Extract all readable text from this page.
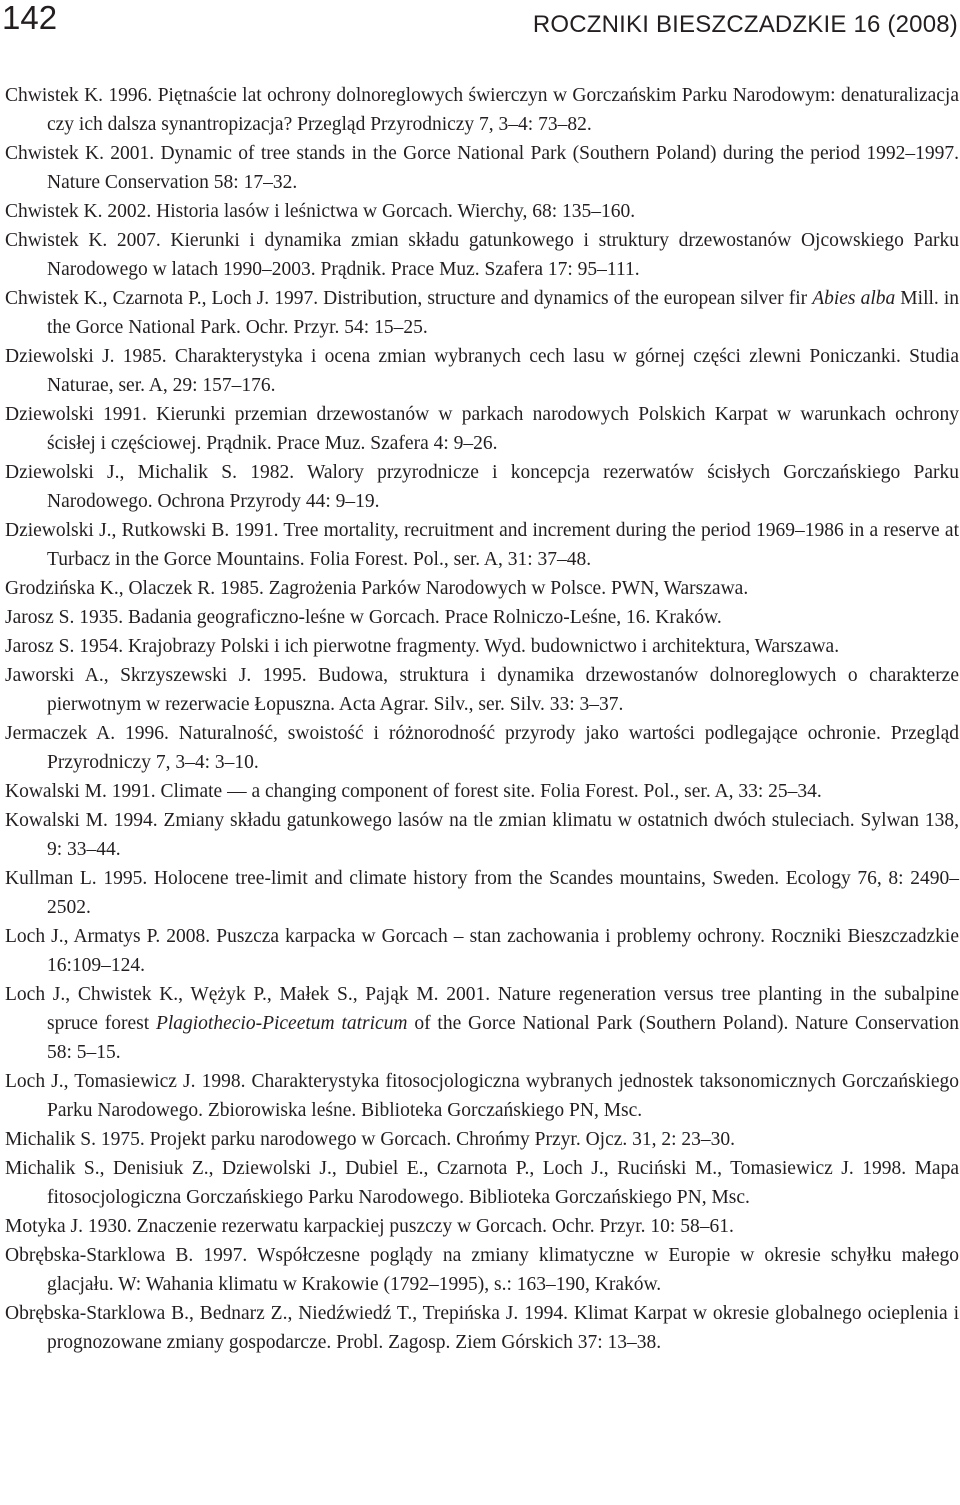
142	ROCZNIKI BIESZCZADZKIE 16 (2008)

Chwistek K. 1996. Piętnaście lat ochrony dolnoreglowych świerczyn w Gorczańskim Parku Narodowym: denaturalizacja czy ich dalsza synantropizacja? Przegląd Przyrodniczy 7, 3–4: 73–82.

Chwistek K. 2001. Dynamic of tree stands in the Gorce National Park (Southern Poland) during the period 1992–1997. Nature Conservation 58: 17–32.

Chwistek K. 2002. Historia lasów i leśnictwa w Gorcach. Wierchy, 68: 135–160.

Chwistek K. 2007. Kierunki i dynamika zmian składu gatunkowego i struktury drzewostanów Ojcowskiego Parku Narodowego w latach 1990–2003. Prądnik. Prace Muz. Szafera 17: 95–111.

Chwistek K., Czarnota P., Loch J. 1997. Distribution, structure and dynamics of the european silver fir Abies alba Mill. in the Gorce National Park. Ochr. Przyr. 54: 15–25.

Dziewolski J. 1985. Charakterystyka i ocena zmian wybranych cech lasu w górnej części zlewni Poniczanki. Studia Naturae, ser. A, 29: 157–176.

Dziewolski 1991. Kierunki przemian drzewostanów w parkach narodowych Polskich Karpat w warunkach ochrony ścisłej i częściowej. Prądnik. Prace Muz. Szafera 4: 9–26.

Dziewolski J., Michalik S. 1982. Walory przyrodnicze i koncepcja rezerwatów ścisłych Gorczańskiego Parku Narodowego. Ochrona Przyrody 44: 9–19.

Dziewolski J., Rutkowski B. 1991. Tree mortality, recruitment and increment during the period 1969–1986 in a reserve at Turbacz in the Gorce Mountains. Folia Forest. Pol., ser. A, 31: 37–48.

Grodzińska K., Olaczek R. 1985. Zagrożenia Parków Narodowych w Polsce. PWN, Warszawa.

Jarosz S. 1935. Badania geograficzno-leśne w Gorcach. Prace Rolniczo-Leśne, 16. Kraków.

Jarosz S. 1954. Krajobrazy Polski i ich pierwotne fragmenty. Wyd. budownictwo i architektura, Warszawa.

Jaworski A., Skrzyszewski J. 1995. Budowa, struktura i dynamika drzewostanów dolnoreglowych o charakterze pierwotnym w rezerwacie Łopuszna. Acta Agrar. Silv., ser. Silv. 33: 3–37.

Jermaczek A. 1996. Naturalność, swoistość i różnorodność przyrody jako wartości podlegające ochronie. Przegląd Przyrodniczy 7, 3–4: 3–10.

Kowalski M. 1991. Climate — a changing component of forest site. Folia Forest. Pol., ser. A, 33: 25–34.

Kowalski M. 1994. Zmiany składu gatunkowego lasów na tle zmian klimatu w ostatnich dwóch stuleciach. Sylwan 138, 9: 33–44.

Kullman L. 1995. Holocene tree-limit and climate history from the Scandes mountains, Sweden. Ecology 76, 8: 2490–2502.

Loch J., Armatys P. 2008. Puszcza karpacka w Gorcach – stan zachowania i problemy ochrony. Roczniki Bieszczadzkie 16:109–124.

Loch J., Chwistek K., Wężyk P., Małek S., Pająk M. 2001. Nature regeneration versus tree planting in the subalpine spruce forest Plagiothecio-Piceetum tatricum of the Gorce National Park (Southern Poland). Nature Conservation 58: 5–15.

Loch J., Tomasiewicz J. 1998. Charakterystyka fitosocjologiczna wybranych jednostek taksonomicznych Gorczańskiego Parku Narodowego. Zbiorowiska leśne. Biblioteka Gorczańskiego PN, Msc.

Michalik S. 1975. Projekt parku narodowego w Gorcach. Chrońmy Przyr. Ojcz. 31, 2: 23–30.

Michalik S., Denisiuk Z., Dziewolski J., Dubiel E., Czarnota P., Loch J., Ruciński M., Tomasiewicz J. 1998. Mapa fitosocjologiczna Gorczańskiego Parku Narodowego. Biblioteka Gorczańskiego PN, Msc.

Motyka J. 1930. Znaczenie rezerwatu karpackiej puszczy w Gorcach. Ochr. Przyr. 10: 58–61.

Obrębska-Starklowa B. 1997. Współczesne poglądy na zmiany klimatyczne w Europie w okresie schyłku małego glacjału. W: Wahania klimatu w Krakowie (1792–1995), s.: 163–190, Kraków.

Obrębska-Starklowa B., Bednarz Z., Niedźwiedź T., Trepińska J. 1994. Klimat Karpat w okresie globalnego ocieplenia i prognozowane zmiany gospodarcze. Probl. Zagosp. Ziem Górskich 37: 13–38.
